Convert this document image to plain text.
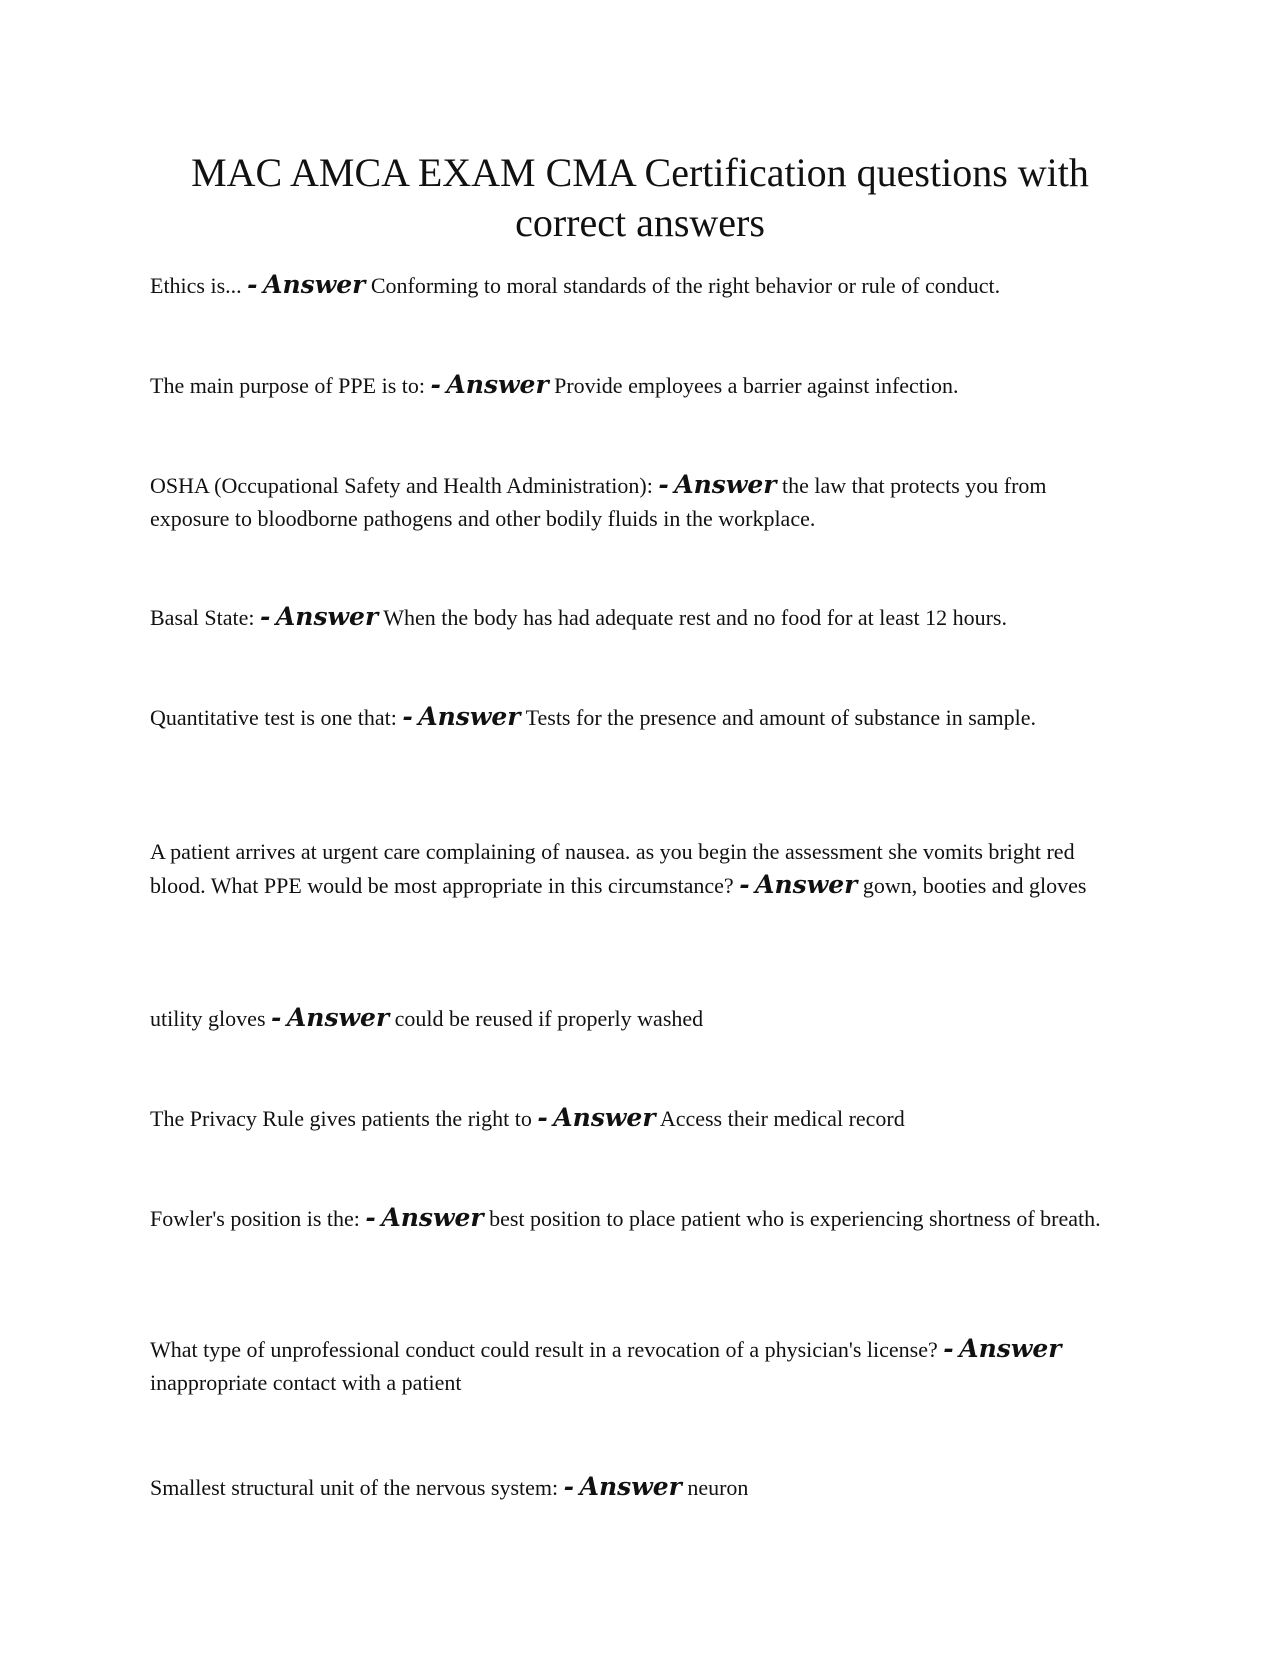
MAC AMCA EXAM CMA Certification questions with correct answers

Ethics is... - Answer Conforming to moral standards of the right behavior or rule of conduct.

The main purpose of PPE is to: - Answer Provide employees a barrier against infection.

OSHA (Occupational Safety and Health Administration): - Answer the law that protects you from exposure to bloodborne pathogens and other bodily fluids in the workplace.

Basal State: - Answer When the body has had adequate rest and no food for at least 12 hours.

Quantitative test is one that: - Answer Tests for the presence and amount of substance in sample.

A patient arrives at urgent care complaining of nausea. as you begin the assessment she vomits bright red blood. What PPE would be most appropriate in this circumstance? - Answer gown, booties and gloves

utility gloves - Answer could be reused if properly washed

The Privacy Rule gives patients the right to - Answer Access their medical record

Fowler's position is the: - Answer best position to place patient who is experiencing shortness of breath.

What type of unprofessional conduct could result in a revocation of a physician's license? - Answer inappropriate contact with a patient

Smallest structural unit of the nervous system: - Answer neuron
